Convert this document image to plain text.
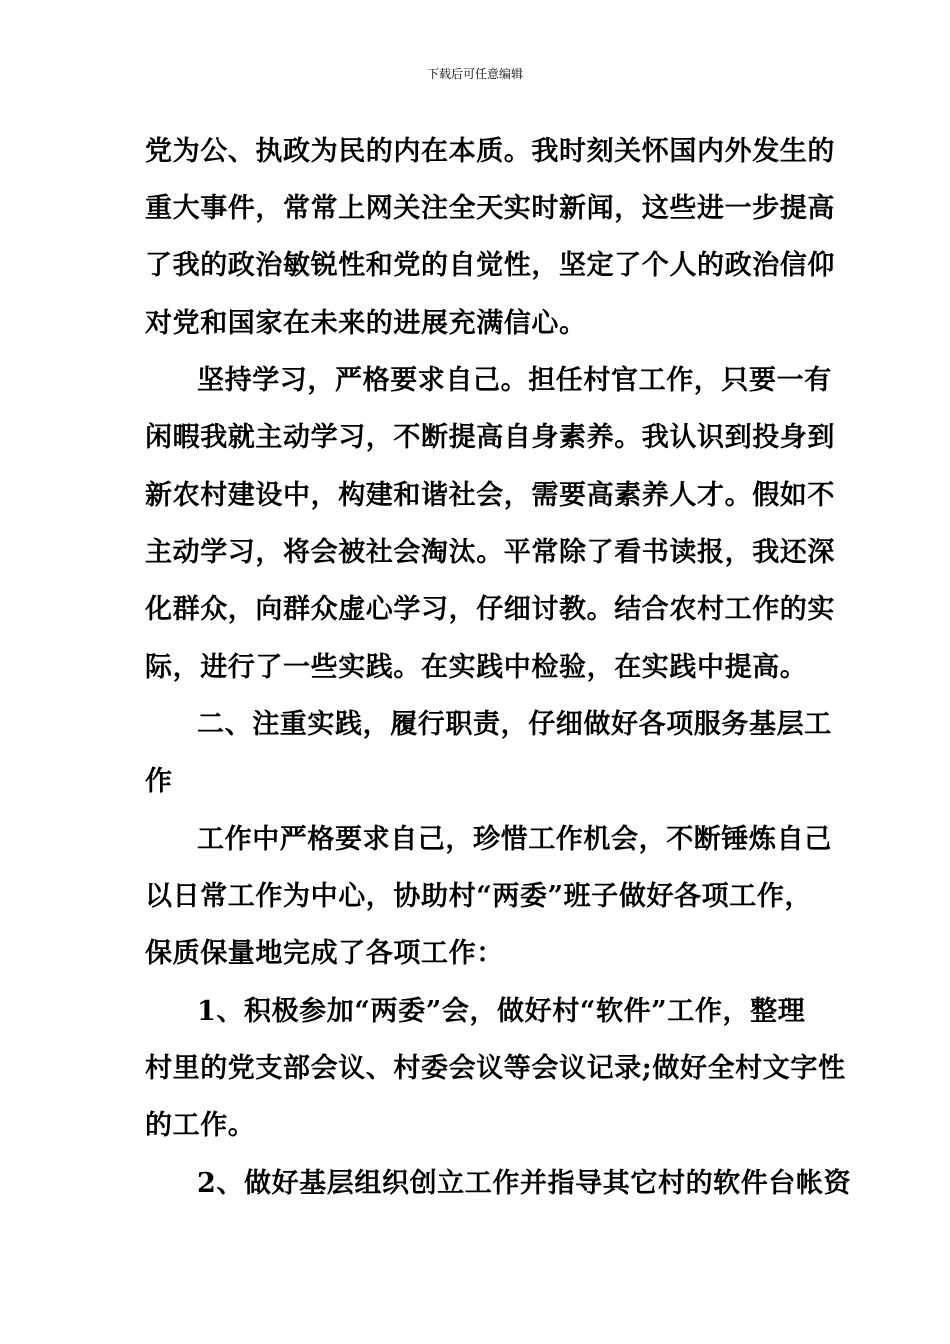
下载后可任意编辑
党为公、执政为民的内在本质。我时刻关怀国内外发生的
重大事件，常常上网关注全天实时新闻，这些进一步提高
了我的政治敏锐性和党的自觉性，坚定了个人的政治信仰
对党和国家在未来的进展充满信心。
坚持学习，严格要求自己。担任村官工作，只要一有
闲暇我就主动学习，不断提高自身素养。我认识到投身到
新农村建设中，构建和谐社会，需要高素养人才。假如不
主动学习，将会被社会淘汰。平常除了看书读报，我还深
化群众，向群众虚心学习，仔细讨教。结合农村工作的实
际，进行了一些实践。在实践中检验，在实践中提高。
二、注重实践，履行职责，仔细做好各项服务基层工
作
工作中严格要求自己，珍惜工作机会，不断锤炼自己
以日常工作为中心，协助村“两委”班子做好各项工作，
保质保量地完成了各项工作：
1、积极参加“两委”会，做好村“软件”工作，整理
村里的党支部会议、村委会议等会议记录;做好全村文字性
的工作。
2、做好基层组织创立工作并指导其它村的软件台帐资
